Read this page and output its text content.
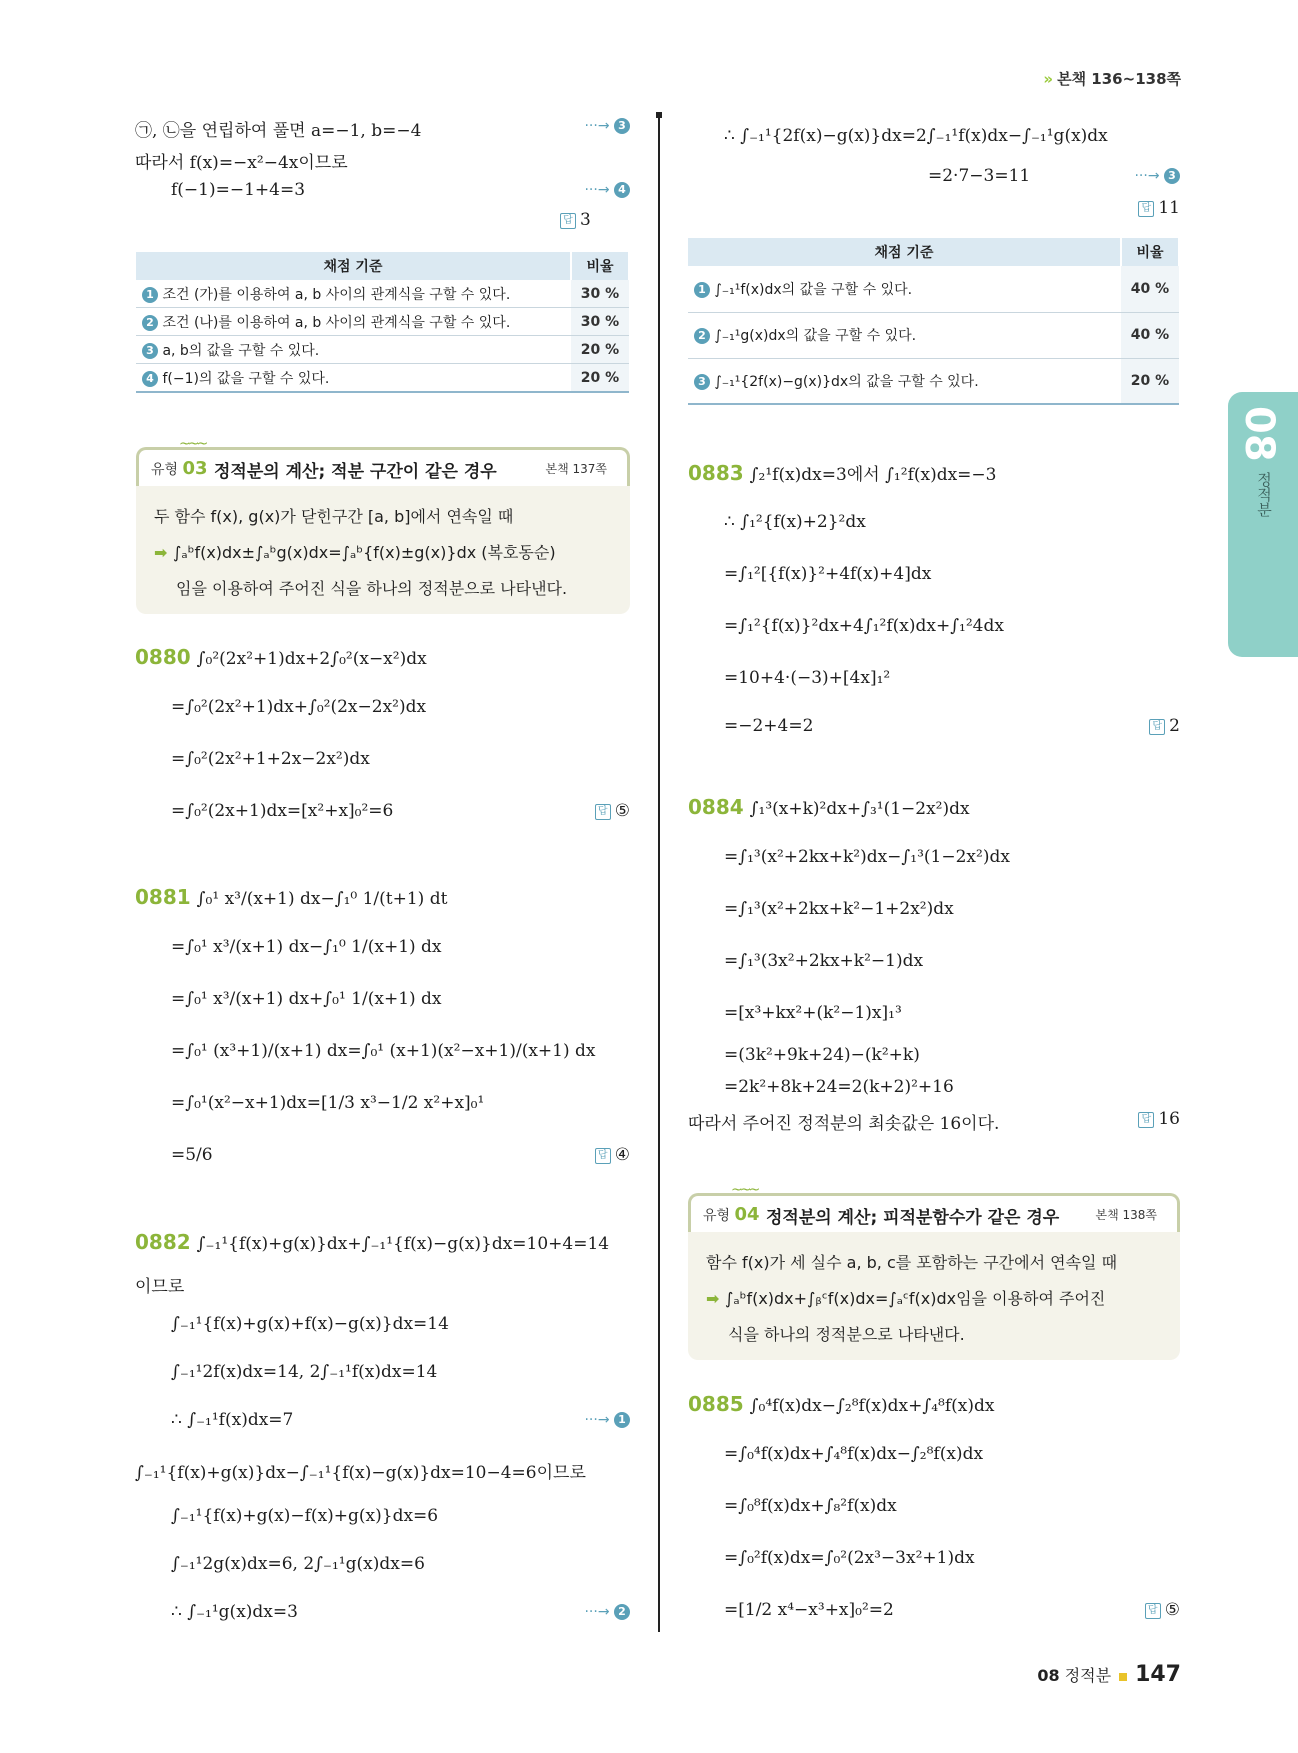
» 본책 136~138쪽
08
정적분
㉠, ㉡을 연립하여 풀면 a=−1, b=−4
따라서 f(x)=−x²−4x이므로
f(−1)=−1+4=3
···→ 3
···→ 4
답 3
채점 기준	비율
1 조건 (가)를 이용하여 a, b 사이의 관계식을 구할 수 있다.	30 %
2 조건 (나)를 이용하여 a, b 사이의 관계식을 구할 수 있다.	30 %
3 a, b의 값을 구할 수 있다.	20 %
4 f(−1)의 값을 구할 수 있다.	20 %
~~~
유형 03 정적분의 계산; 적분 구간이 같은 경우	본책 137쪽
두 함수 f(x), g(x)가 닫힌구간 [a, b]에서 연속일 때
➡ ∫ₐᵇf(x)dx±∫ₐᵇg(x)dx=∫ₐᵇ{f(x)±g(x)}dx (복호동순)
임을 이용하여 주어진 식을 하나의 정적분으로 나타낸다.
0880 ∫₀²(2x²+1)dx+2∫₀²(x−x²)dx
=∫₀²(2x²+1)dx+∫₀²(2x−2x²)dx
=∫₀²(2x²+1+2x−2x²)dx
=∫₀²(2x+1)dx=[x²+x]₀²=6	답 ⑤
0881 ∫₀¹ x³/(x+1) dx−∫₁⁰ 1/(t+1) dt
=∫₀¹ x³/(x+1) dx−∫₁⁰ 1/(x+1) dx
=∫₀¹ x³/(x+1) dx+∫₀¹ 1/(x+1) dx
=∫₀¹ (x³+1)/(x+1) dx=∫₀¹ (x+1)(x²−x+1)/(x+1) dx
=∫₀¹(x²−x+1)dx=[1/3 x³−1/2 x²+x]₀¹
=5/6	답 ④
0882 ∫₋₁¹{f(x)+g(x)}dx+∫₋₁¹{f(x)−g(x)}dx=10+4=14
이므로
∫₋₁¹{f(x)+g(x)+f(x)−g(x)}dx=14
∫₋₁¹2f(x)dx=14, 2∫₋₁¹f(x)dx=14
∴ ∫₋₁¹f(x)dx=7	···→ 1
∫₋₁¹{f(x)+g(x)}dx−∫₋₁¹{f(x)−g(x)}dx=10−4=6이므로
∫₋₁¹{f(x)+g(x)−f(x)+g(x)}dx=6
∫₋₁¹2g(x)dx=6, 2∫₋₁¹g(x)dx=6
∴ ∫₋₁¹g(x)dx=3	···→ 2
∴ ∫₋₁¹{2f(x)−g(x)}dx=2∫₋₁¹f(x)dx−∫₋₁¹g(x)dx
=2·7−3=11	···→ 3
답 11
채점 기준	비율
1 ∫₋₁¹f(x)dx의 값을 구할 수 있다.	40 %
2 ∫₋₁¹g(x)dx의 값을 구할 수 있다.	40 %
3 ∫₋₁¹{2f(x)−g(x)}dx의 값을 구할 수 있다.	20 %
0883 ∫₂¹f(x)dx=3에서 ∫₁²f(x)dx=−3
∴ ∫₁²{f(x)+2}²dx
=∫₁²[{f(x)}²+4f(x)+4]dx
=∫₁²{f(x)}²dx+4∫₁²f(x)dx+∫₁²4dx
=10+4·(−3)+[4x]₁²
=−2+4=2	답 2
0884 ∫₁³(x+k)²dx+∫₃¹(1−2x²)dx
=∫₁³(x²+2kx+k²)dx−∫₁³(1−2x²)dx
=∫₁³(x²+2kx+k²−1+2x²)dx
=∫₁³(3x²+2kx+k²−1)dx
=[x³+kx²+(k²−1)x]₁³
=(3k²+9k+24)−(k²+k)
=2k²+8k+24=2(k+2)²+16
따라서 주어진 정적분의 최솟값은 16이다.	답 16
~~~
유형 04 정적분의 계산; 피적분함수가 같은 경우	본책 138쪽
함수 f(x)가 세 실수 a, b, c를 포함하는 구간에서 연속일 때
➡ ∫ₐᵇf(x)dx+∫ᵦᶜf(x)dx=∫ₐᶜf(x)dx임을 이용하여 주어진
식을 하나의 정적분으로 나타낸다.
0885 ∫₀⁴f(x)dx−∫₂⁸f(x)dx+∫₄⁸f(x)dx
=∫₀⁴f(x)dx+∫₄⁸f(x)dx−∫₂⁸f(x)dx
=∫₀⁸f(x)dx+∫₈²f(x)dx
=∫₀²f(x)dx=∫₀²(2x³−3x²+1)dx
=[1/2 x⁴−x³+x]₀²=2	답 ⑤
08 정적분 147
